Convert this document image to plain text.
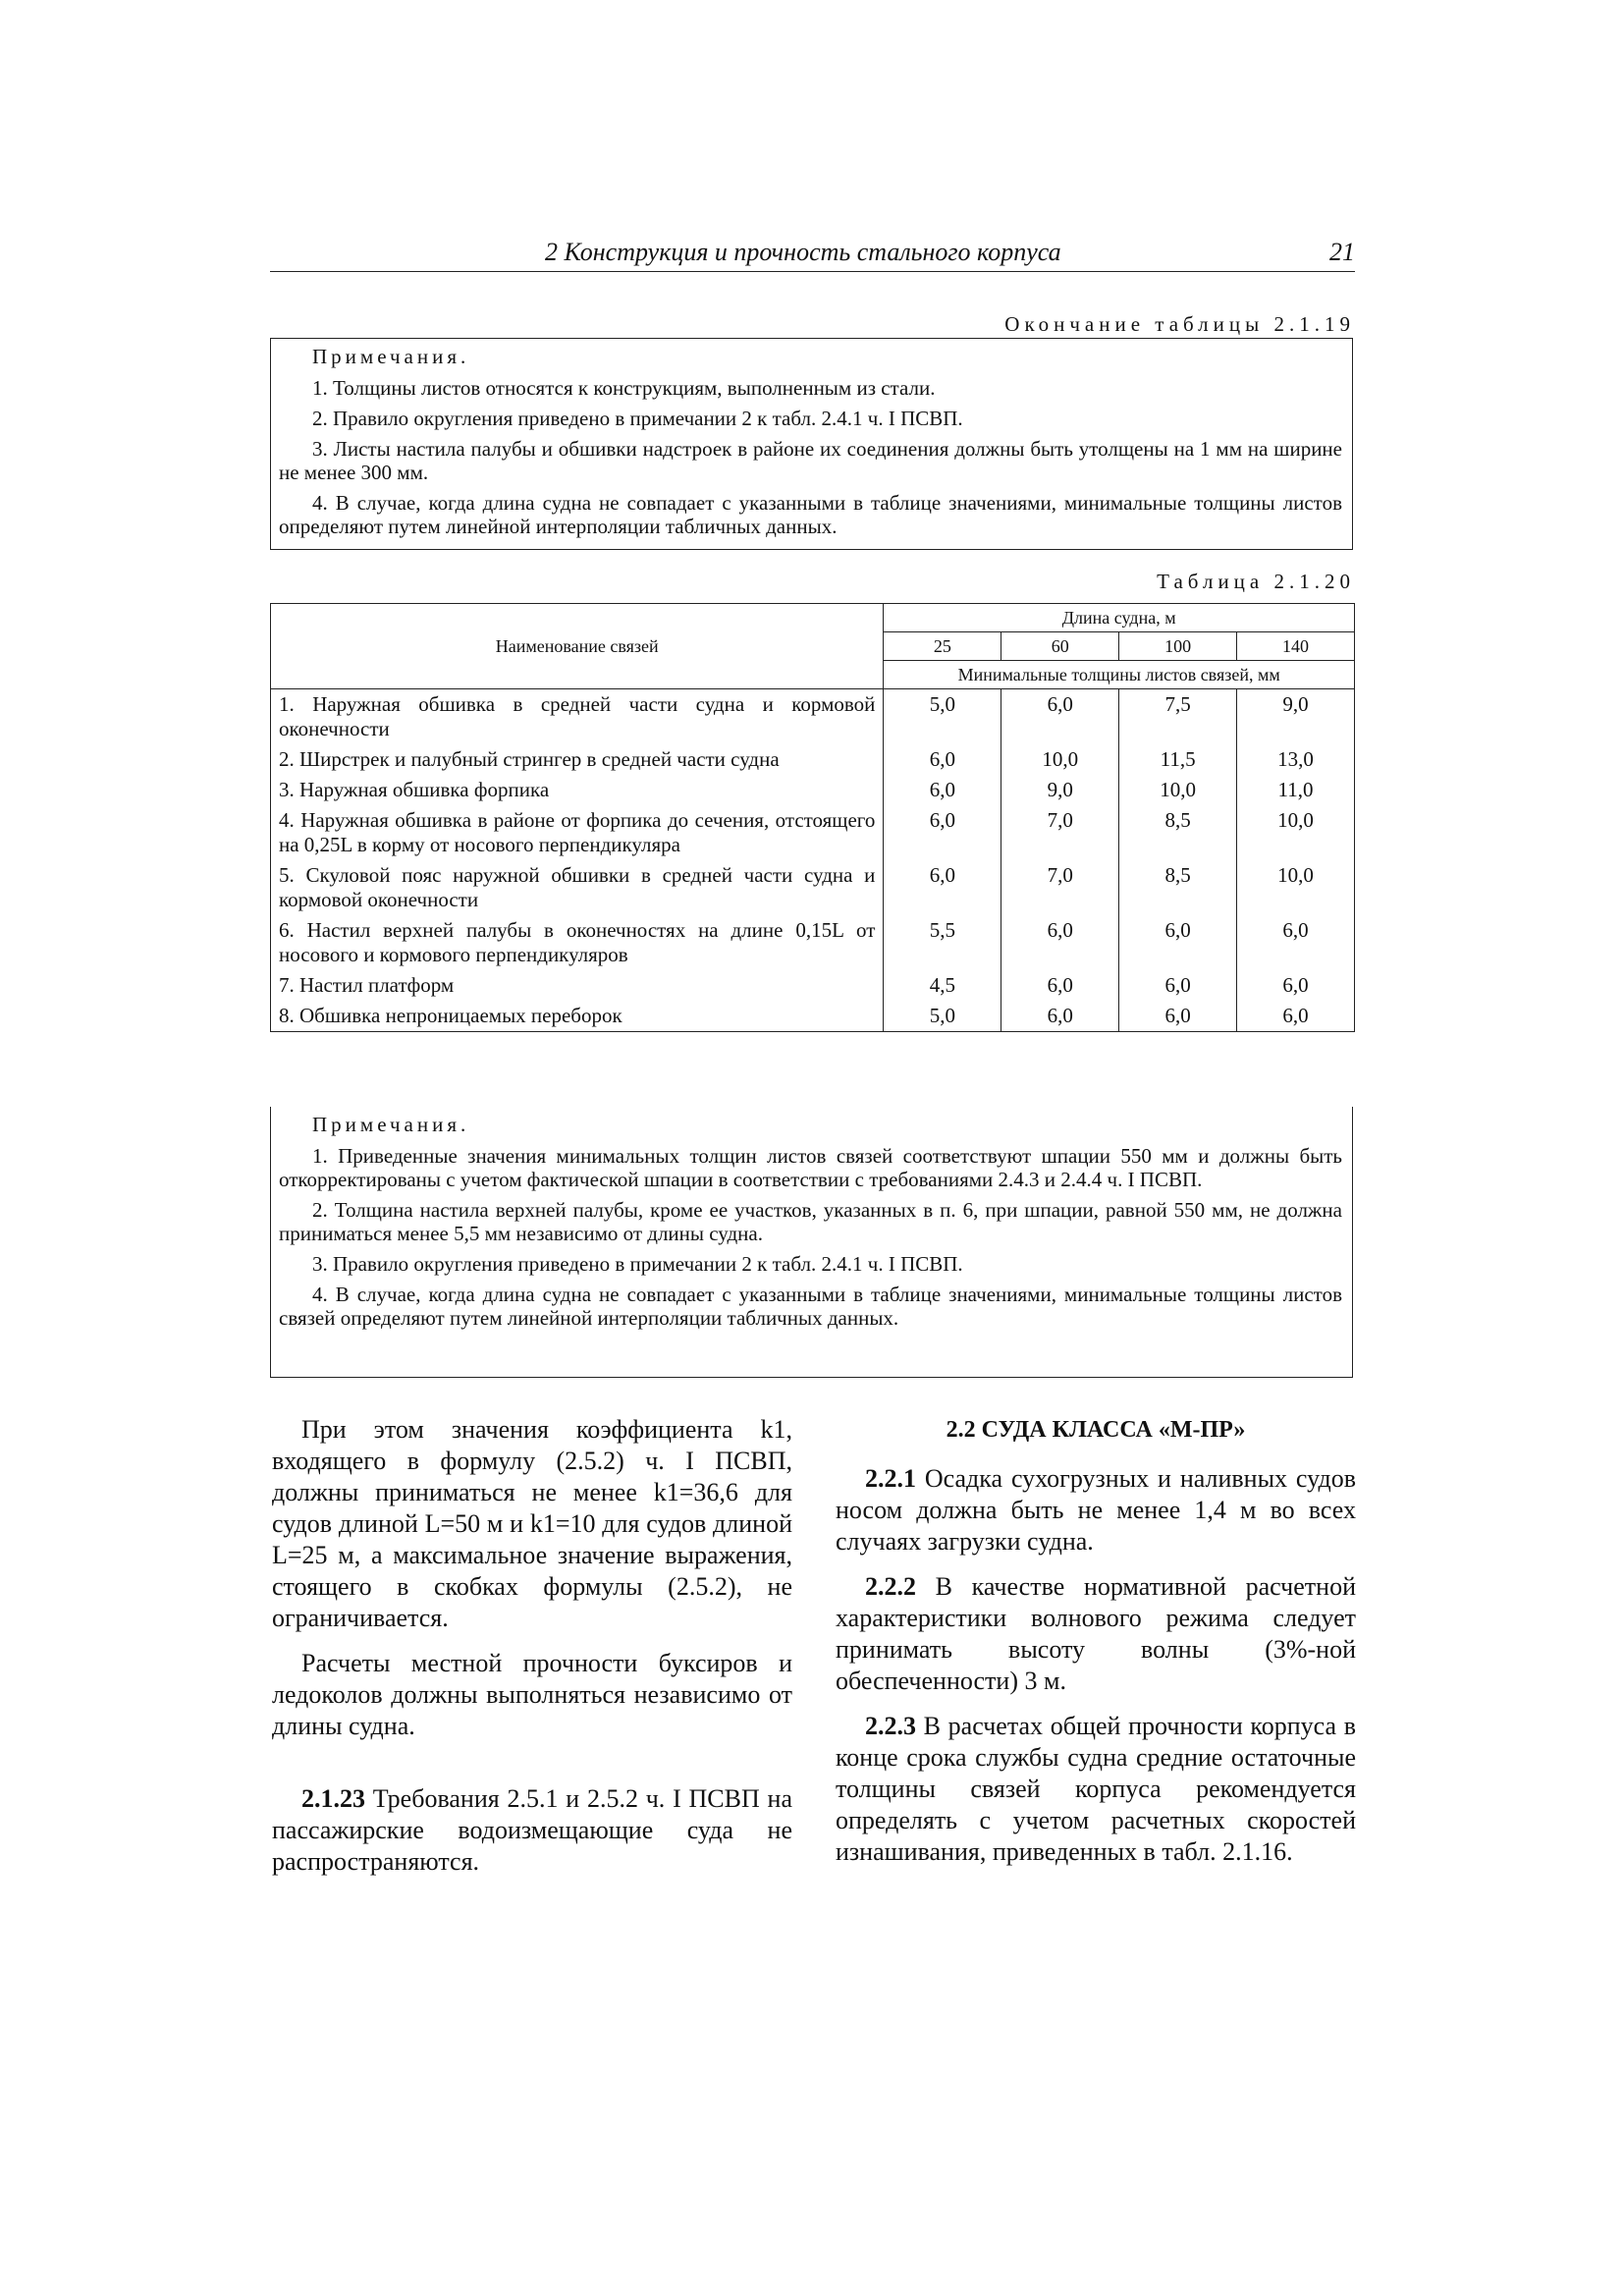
2 Конструкция и прочность стального корпуса	21
Окончание таблицы 2.1.19
Примечания.

1. Толщины листов относятся к конструкциям, выполненным из стали.

2. Правило округления приведено в примечании 2 к табл. 2.4.1 ч. I ПСВП.

3. Листы настила палубы и обшивки надстроек в районе их соединения должны быть утолщены на 1 мм на ширине не менее 300 мм.

4. В случае, когда длина судна не совпадает с указанными в таблице значениями, минимальные толщины листов определяют путем линейной интерполяции табличных данных.

Таблица 2.1.20
Наименование связей	Длина судна, м			
	25	60	100	140
	Минимальные толщины листов связей, мм			
1. Наружная обшивка в средней части судна и кормовой оконечности	5,0	6,0	7,5	9,0
2. Ширстрек и палубный стрингер в средней части судна	6,0	10,0	11,5	13,0
3. Наружная обшивка форпика	6,0	9,0	10,0	11,0
4. Наружная обшивка в районе от форпика до сечения, отстоящего на 0,25L в корму от носового перпендикуляра	6,0	7,0	8,5	10,0
5. Скуловой пояс наружной обшивки в средней части судна и кормовой оконечности	6,0	7,0	8,5	10,0
6. Настил верхней палубы в оконечностях на длине 0,15L от носового и кормового перпендикуляров	5,5	6,0	6,0	6,0
7. Настил платформ	4,5	6,0	6,0	6,0
8. Обшивка непроницаемых переборок	5,0	6,0	6,0	6,0
Примечания.

1. Приведенные значения минимальных толщин листов связей соответствуют шпации 550 мм и должны быть откорректированы с учетом фактической шпации в соответствии с требованиями 2.4.3 и 2.4.4 ч. I ПСВП.

2. Толщина настила верхней палубы, кроме ее участков, указанных в п. 6, при шпации, равной 550 мм, не должна приниматься менее 5,5 мм независимо от длины судна.

3. Правило округления приведено в примечании 2 к табл. 2.4.1 ч. I ПСВП.

4. В случае, когда длина судна не совпадает с указанными в таблице значениями, минимальные толщины листов связей определяют путем линейной интерполяции табличных данных.

При этом значения коэффициента k1, входящего в формулу (2.5.2) ч. I ПСВП, должны приниматься не менее k1=36,6 для судов длиной L=50 м и k1=10 для судов длиной L=25 м, а максимальное значение выражения, стоящего в скобках формулы (2.5.2), не ограничивается.

Расчеты местной прочности буксиров и ледоколов должны выполняться независимо от длины судна.

2.1.23 Требования 2.5.1 и 2.5.2 ч. I ПСВП на пассажирские водоизмещающие суда не распространяются.

2.2 СУДА КЛАССА «М-ПР»

2.2.1 Осадка сухогрузных и наливных судов носом должна быть не менее 1,4 м во всех случаях загрузки судна.

2.2.2 В качестве нормативной расчетной характеристики волнового режима следует принимать высоту волны (3%-ной обеспеченности) 3 м.

2.2.3 В расчетах общей прочности корпуса в конце срока службы судна средние остаточные толщины связей корпуса рекомендуется определять с учетом расчетных скоростей изнашивания, приведенных в табл. 2.1.16.
